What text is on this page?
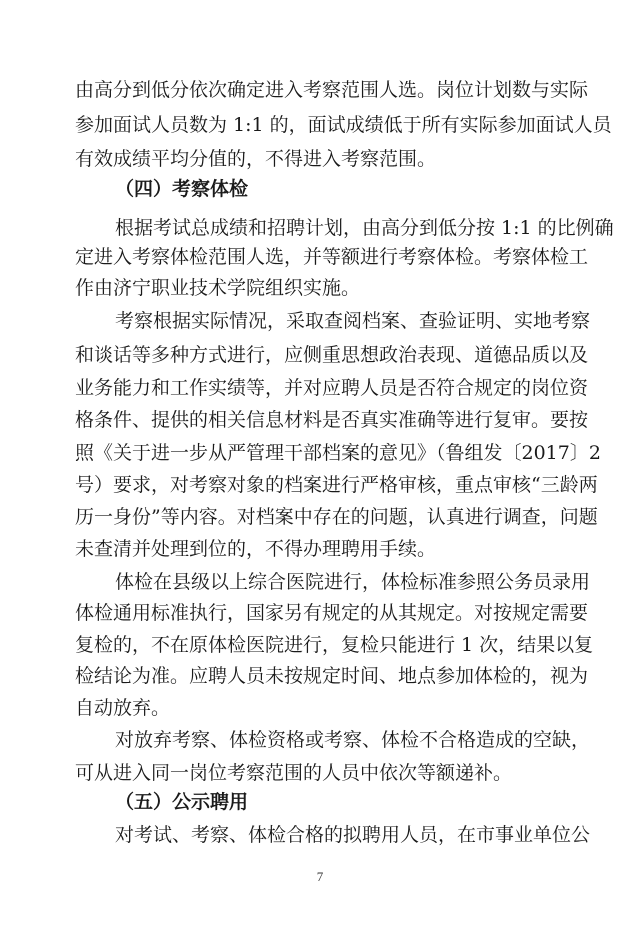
由高分到低分依次确定进入考察范围人选。岗位计划数与实际
参加面试人员数为 1:1 的，面试成绩低于所有实际参加面试人员
有效成绩平均分值的，不得进入考察范围。
（四）考察体检
根据考试总成绩和招聘计划，由高分到低分按 1:1 的比例确
定进入考察体检范围人选，并等额进行考察体检。考察体检工
作由济宁职业技术学院组织实施。
考察根据实际情况，采取查阅档案、查验证明、实地考察
和谈话等多种方式进行，应侧重思想政治表现、道德品质以及
业务能力和工作实绩等，并对应聘人员是否符合规定的岗位资
格条件、提供的相关信息材料是否真实准确等进行复审。要按
照《关于进一步从严管理干部档案的意见》（鲁组发〔2017〕2
号）要求，对考察对象的档案进行严格审核，重点审核“三龄两
历一身份”等内容。对档案中存在的问题，认真进行调查，问题
未查清并处理到位的，不得办理聘用手续。
体检在县级以上综合医院进行，体检标准参照公务员录用
体检通用标准执行，国家另有规定的从其规定。对按规定需要
复检的，不在原体检医院进行，复检只能进行 1 次，结果以复
检结论为准。应聘人员未按规定时间、地点参加体检的，视为
自动放弃。
对放弃考察、体检资格或考察、体检不合格造成的空缺，
可从进入同一岗位考察范围的人员中依次等额递补。
（五）公示聘用
对考试、考察、体检合格的拟聘用人员，在市事业单位公
7
